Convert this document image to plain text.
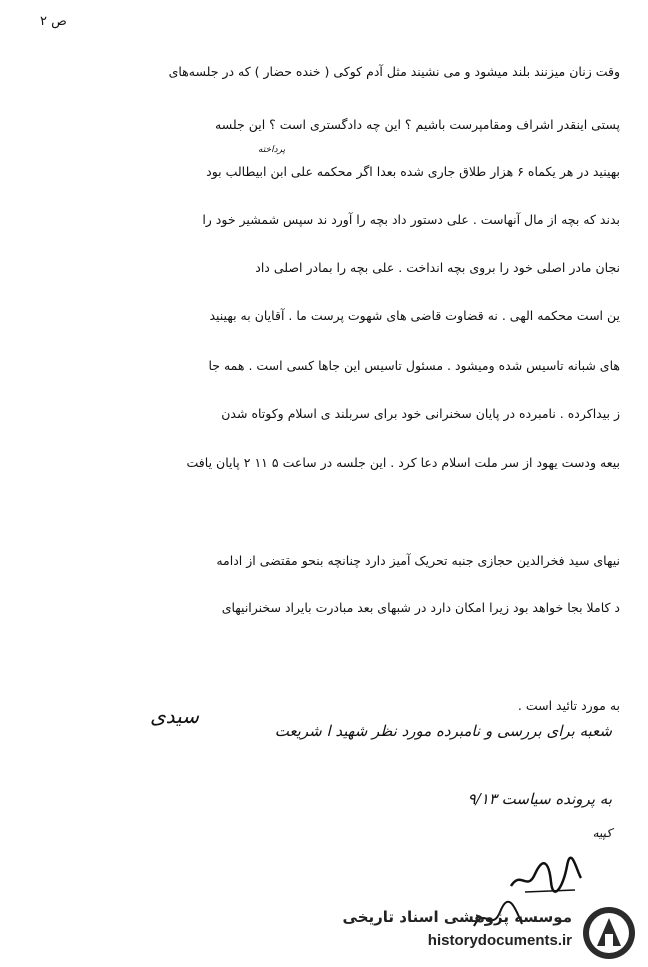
ص ۲
وقت زنان میزنند بلند میشود و می نشیند مثل آدم کوکی ( خنده حضار ) که در جلسه‌های
پستی اینقدر اشراف ومقامپرست باشیم ؟ این چه دادگستری است ؟ این جلسه
پرداخته
بهینید در هر یکماه ۶ هزار طلاق جاری شده بعدا اگر محکمه علی ابن ابیطالب بود
بدند که بچه از مال آنهاست . علی دستور داد بچه را آورد ند سپس شمشیر خود را
نجان مادر اصلی خود را بروی بچه انداخت . علی بچه را بمادر اصلی داد
ین است محکمه الهی . نه قضاوت قاضی های شهوت پرست ما . آقایان به بهینید
های شبانه تاسیس شده ومیشود . مسئول تاسیس این جاها کسی است . همه جا
ز بیداکرده . نامبرده در پایان سخنرانی خود برای سربلند ی اسلام وکوتاه شدن
بیعه ودست یهود از سر ملت اسلام دعا کرد . این جلسه در ساعت ۵ ۱۱ ۲ پایان یافت
نیهای سید فخرالدین حجازی جنبه تحریک آمیز دارد چنانچه بنحو مقتضی از ادامه
د کاملا بجا خواهد بود زیرا امکان دارد در شبهای بعد مبادرت بایراد سخنرانیهای
به مورد تائید است .
سیدی
شعبه برای بررسی و نامبرده مورد نظر شهید ا شریعت
به پرونده سیاست ۹/۱۳
کپیه
موسسه پژوهشی اسناد تاریخی
historydocuments.ir
